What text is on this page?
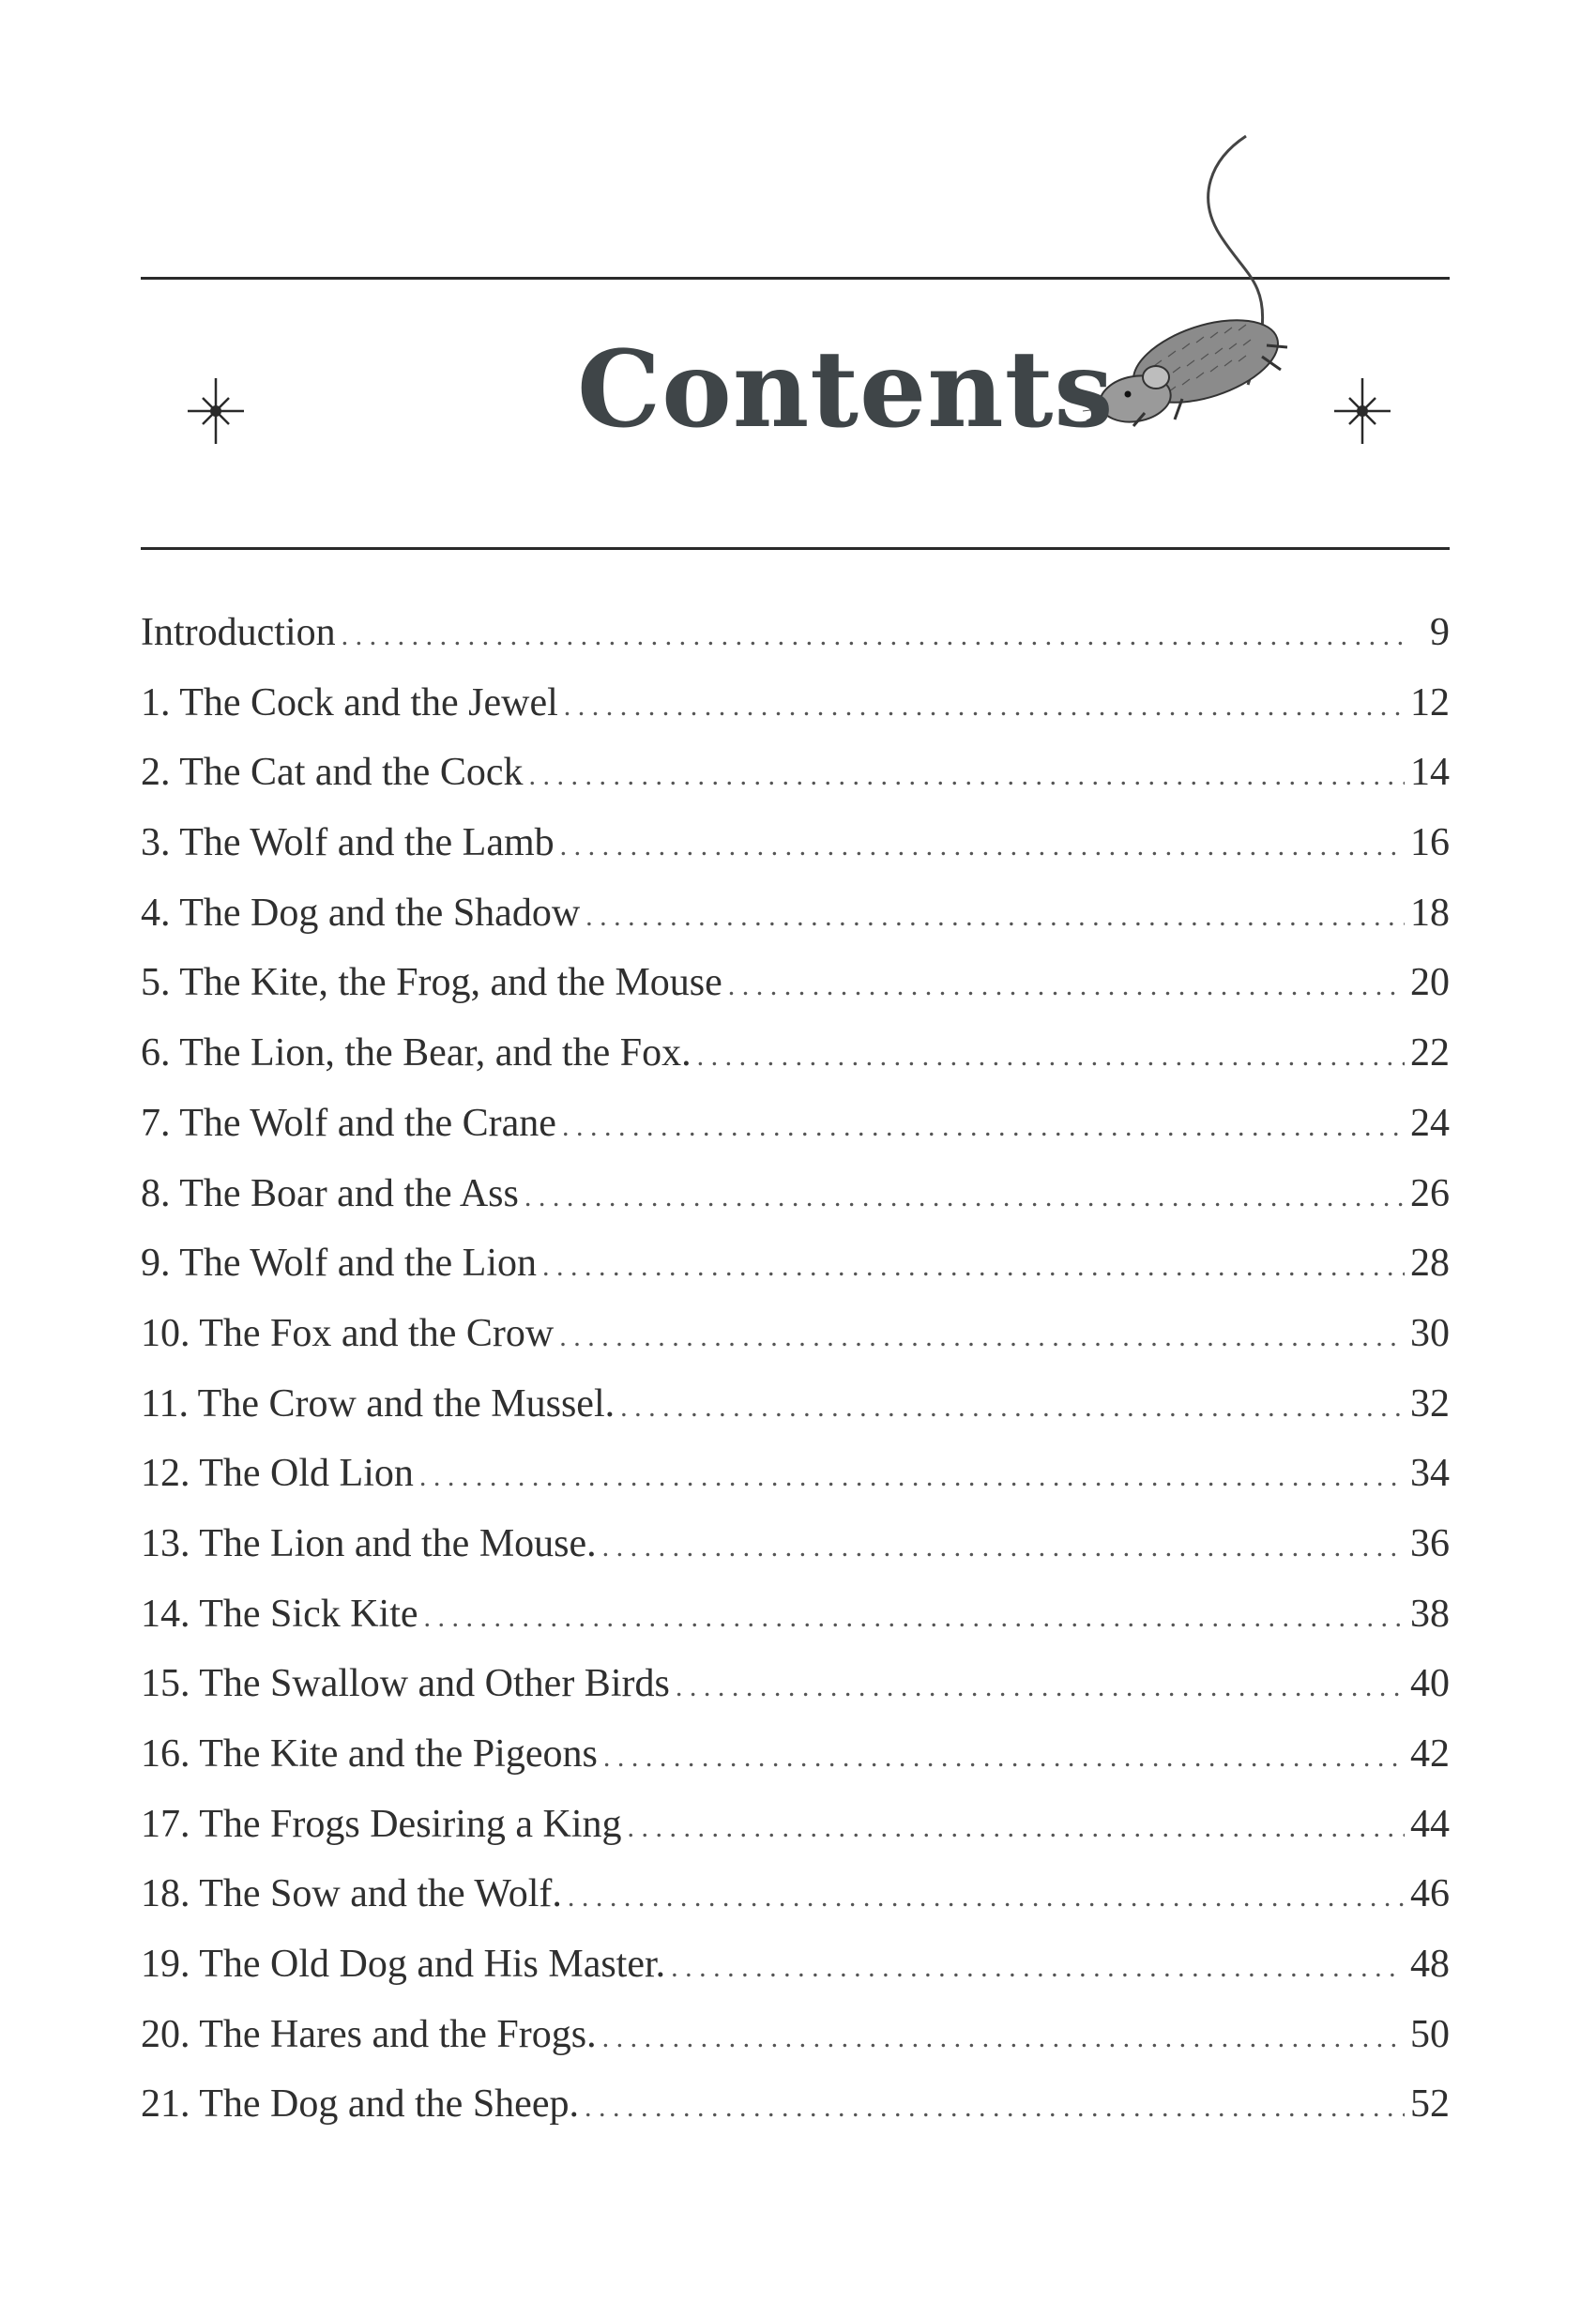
Contents
Introduction . . .	9
1. The Cock and the Jewel . . .	12
2. The Cat and the Cock . . .	14
3. The Wolf and the Lamb . . .	16
4. The Dog and the Shadow . . .	18
5. The Kite, the Frog, and the Mouse . . .	20
6. The Lion, the Bear, and the Fox. . . .	22
7. The Wolf and the Crane . . .	24
8. The Boar and the Ass . . .	26
9. The Wolf and the Lion . . .	28
10. The Fox and the Crow . . .	30
11. The Crow and the Mussel. . . .	32
12. The Old Lion . . .	34
13. The Lion and the Mouse. . . .	36
14. The Sick Kite . . .	38
15. The Swallow and Other Birds . . .	40
16. The Kite and the Pigeons . . .	42
17. The Frogs Desiring a King . . .	44
18. The Sow and the Wolf. . . .	46
19. The Old Dog and His Master. . . .	48
20. The Hares and the Frogs. . . .	50
21. The Dog and the Sheep. . . .	52
